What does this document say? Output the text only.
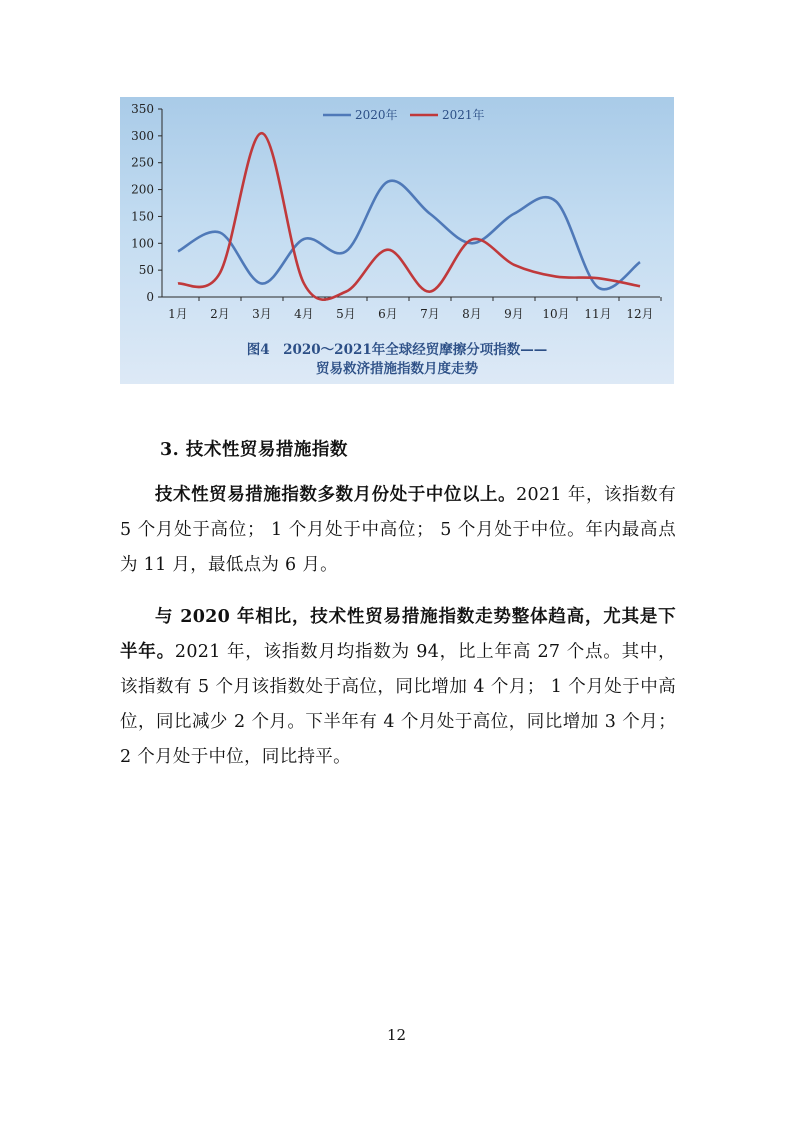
0
50
100
150
200
250
300
350
1月 2月 3月 4月 5月 6月 7月 8月 9月 10月 11月 12月
2020年	2021年
图4　2020～2021年全球经贸摩擦分项指数——
贸易救济措施指数月度走势
3. 技术性贸易措施指数
技术性贸易措施指数多数月份处于中位以上。2021 年，该指数有 5 个月处于高位； 1 个月处于中高位； 5 个月处于中位。年内最高点为 11 月，最低点为 6 月。
与 2020 年相比，技术性贸易措施指数走势整体趋高，尤其是下半年。2021 年，该指数月均指数为 94，比上年高 27 个点。其中，该指数有 5 个月该指数处于高位，同比增加 4 个月； 1 个月处于中高位，同比减少 2 个月。下半年有 4 个月处于高位，同比增加 3 个月； 2 个月处于中位，同比持平。
12
